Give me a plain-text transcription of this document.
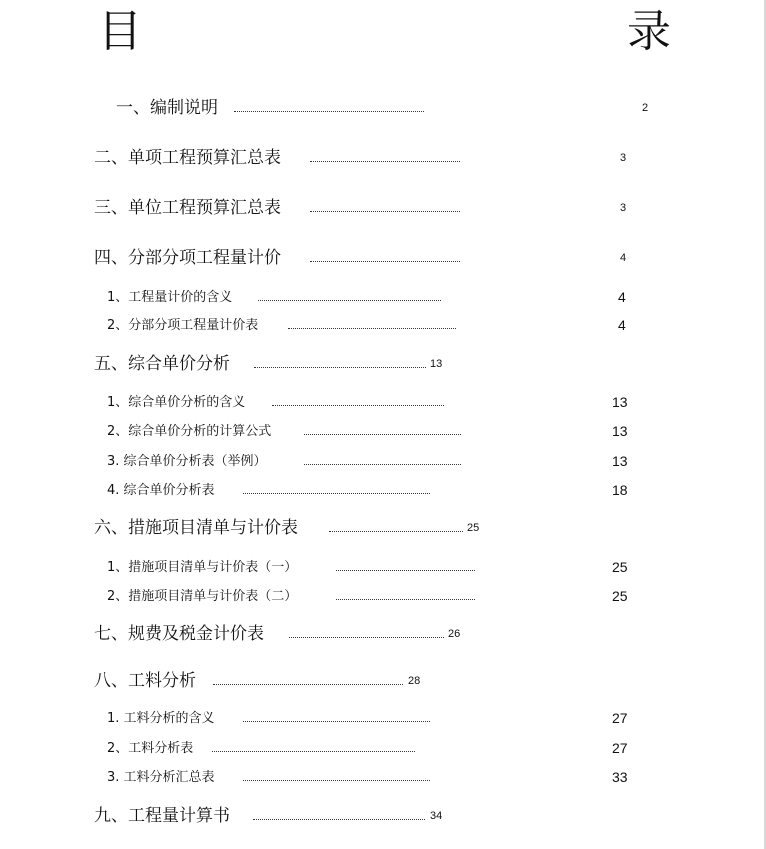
目	录
一、编制说明	2
二、单项工程预算汇总表	3
三、单位工程预算汇总表	3
四、分部分项工程量计价	4
1、工程量计价的含义	4
2、分部分项工程量计价表	4
五、综合单价分析	13
1、综合单价分析的含义	13
2、综合单价分析的计算公式	13
3. 综合单价分析表（举例）	13
4. 综合单价分析表	18
六、措施项目清单与计价表	25
1、措施项目清单与计价表（一）	25
2、措施项目清单与计价表（二）	25
七、规费及税金计价表	26
八、工料分析	28
1. 工料分析的含义	27
2、工料分析表	27
3. 工料分析汇总表	33
九、工程量计算书	34
